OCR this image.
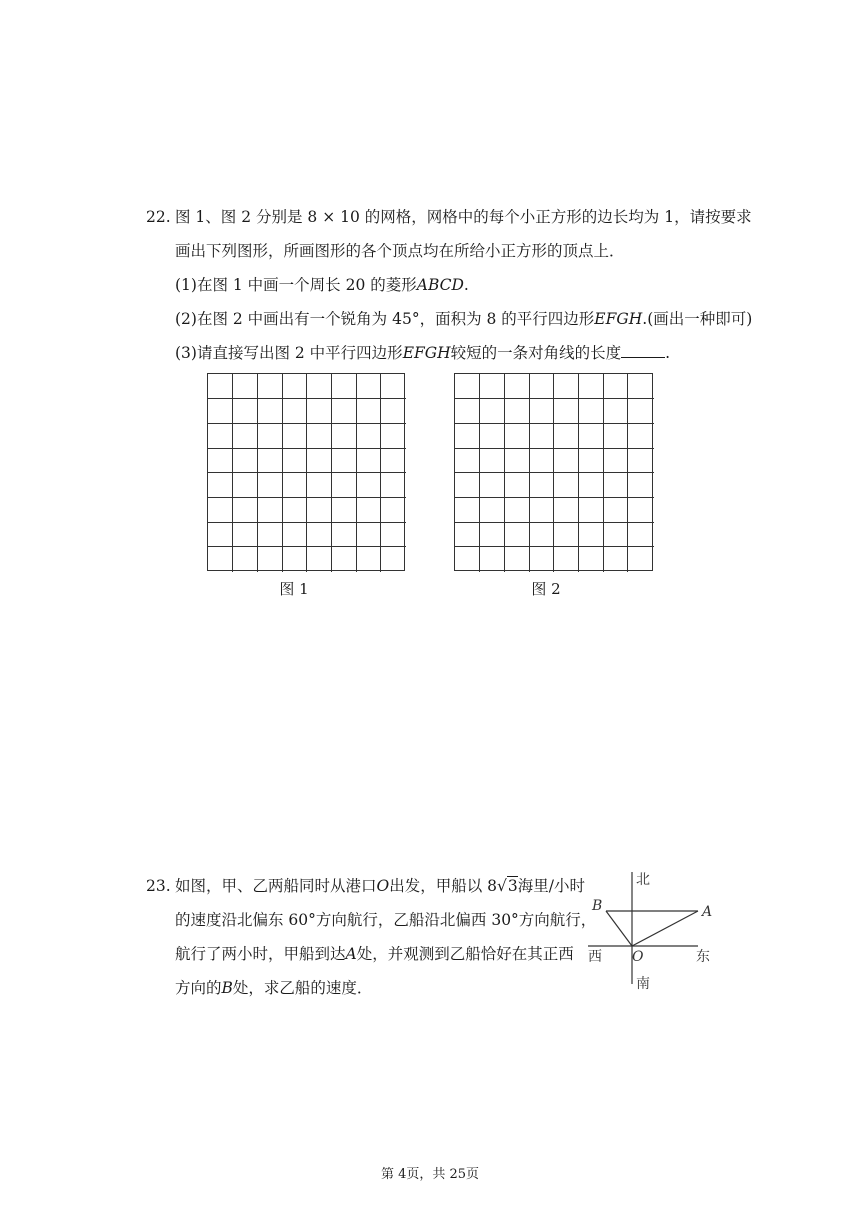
22. 图 1、图 2 分别是 8 × 10 的网格，网格中的每个小正方形的边长均为 1，请按要求
画出下列图形，所画图形的各个顶点均在所给小正方形的顶点上．
(1)在图 1 中画一个周长 20 的菱形ABCD.
(2)在图 2 中画出有一个锐角为 45°，面积为 8 的平行四边形EFGH.(画出一种即可)
(3)请直接写出图 2 中平行四边形EFGH较短的一条对角线的长度	.
图 1	图 2
23. 如图，甲、乙两船同时从港口O出发，甲船以 8√3海里/小时
的速度沿北偏东 60°方向航行，乙船沿北偏西 30°方向航行，
航行了两小时，甲船到达A处，并观测到乙船恰好在其正西
方向的B处，求乙船的速度．
北
南
东
西
A
B
O
第 4页，共 25页
